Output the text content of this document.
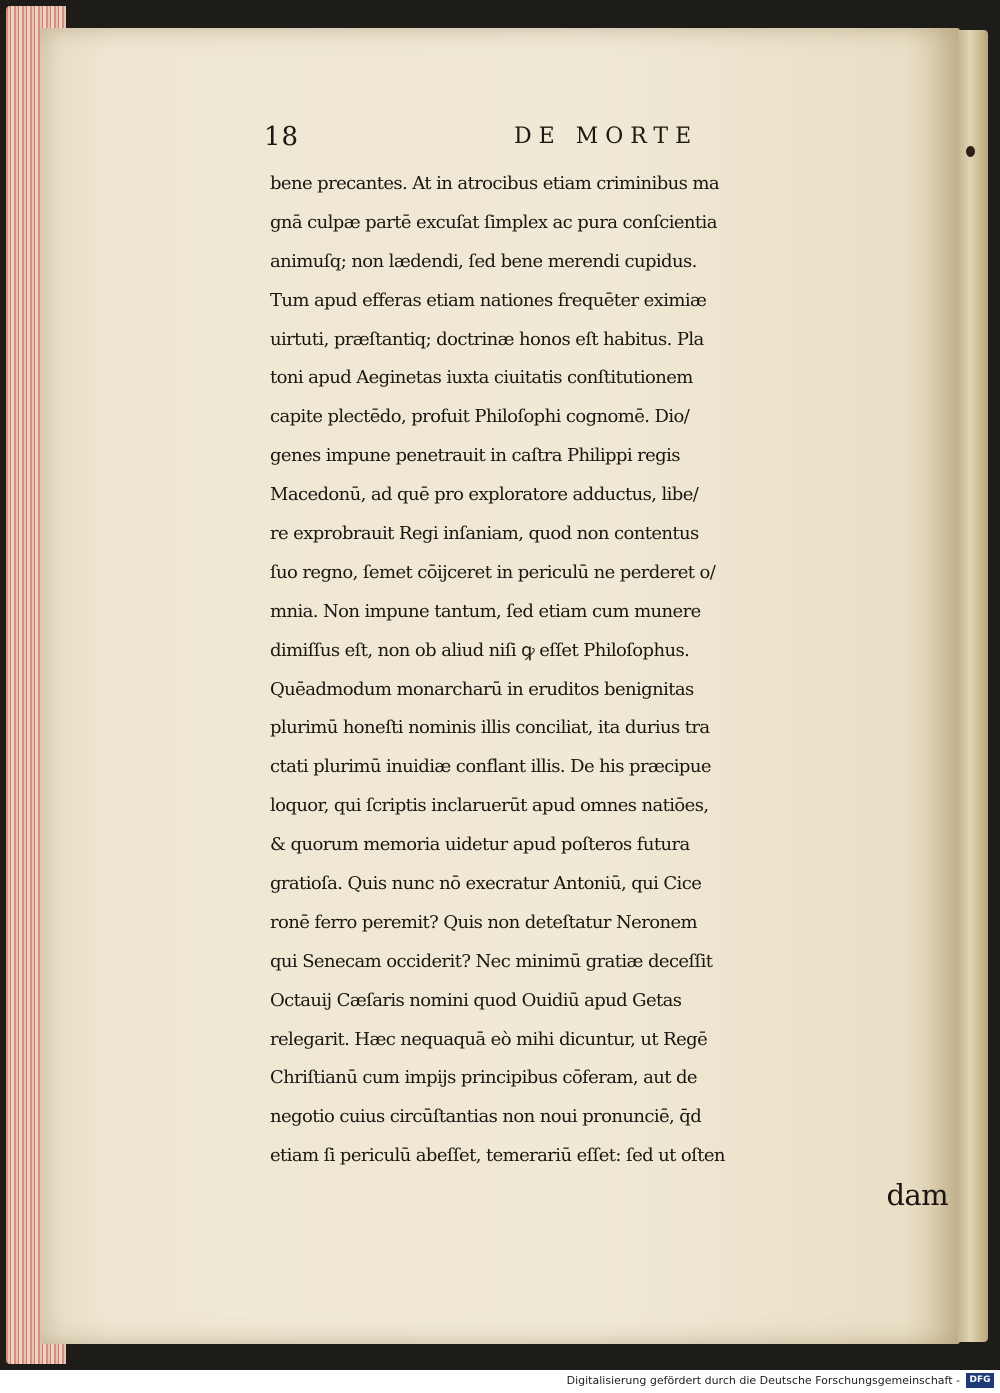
18	DE MORTE
bene precantes. At in atrocibus etiam criminibus ma
gnā culpæ partē excuſat ſimplex ac pura conſcientia
animuſq; non lædendi, ſed bene merendi cupidus.
Tum apud efferas etiam nationes frequēter eximiæ
uirtuti, præſtantiq; doctrinæ honos eſt habitus. Pla
toni apud Aeginetas iuxta ciuitatis conſtitutionem
capite plectēdo, profuit Philoſophi cognomē. Dio/
genes impune penetrauit in caſtra Philippi regis
Macedonū, ad quē pro exploratore adductus, libe/
re exprobrauit Regi inſaniam, quod non contentus
ſuo regno, ſemet cōijceret in periculū ne perderet o/
mnia. Non impune tantum, ſed etiam cum munere
dimiſſus eſt, non ob aliud niſi ꝙ eſſet Philoſophus.
Quēadmodum monarcharū in eruditos benignitas
plurimū honeſti nominis illis conciliat, ita durius tra
ctati plurimū inuidiæ conflant illis. De his præcipue
loquor, qui ſcriptis inclaruerūt apud omnes natiōes,
& quorum memoria uidetur apud poſteros futura
gratioſa. Quis nunc nō execratur Antoniū, qui Cice
ronē ferro peremit? Quis non deteſtatur Neronem
qui Senecam occiderit? Nec minimū gratiæ deceſſit
Octauij Cæſaris nomini quod Ouidiū apud Getas
relegarit. Hæc nequaquā eò mihi dicuntur, ut Regē
Chriſtianū cum impijs principibus cōferam, aut de
negotio cuius circūſtantias non noui pronunciē, q̄d
etiam ſi periculū abeſſet, temerariū eſſet: ſed ut oſten
dam
Digitalisierung gefördert durch die Deutsche Forschungsgemeinschaft -	DFG
